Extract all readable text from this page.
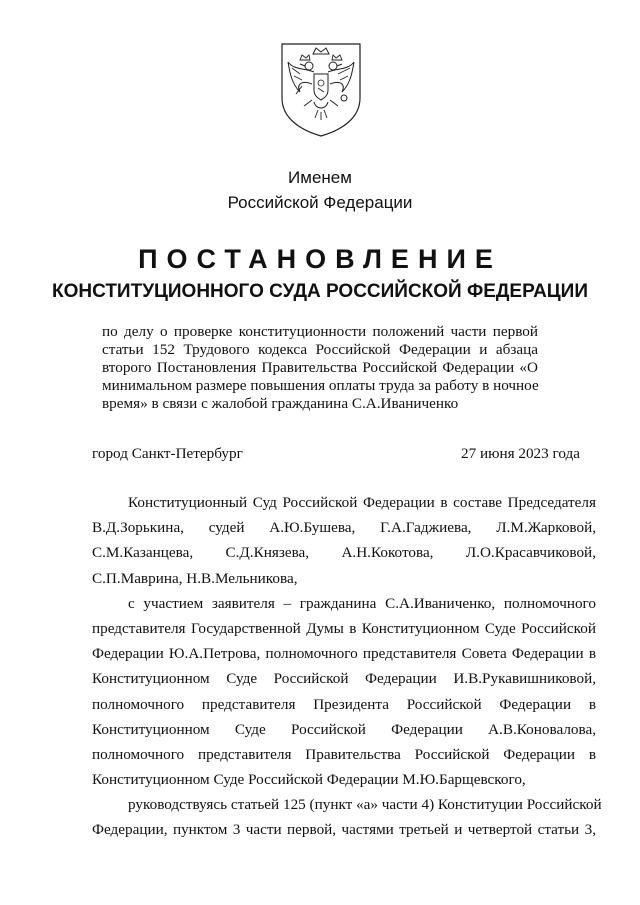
Именем
Российской Федерации
ПОСТАНОВЛЕНИЕ
КОНСТИТУЦИОННОГО СУДА РОССИЙСКОЙ ФЕДЕРАЦИИ
по делу о проверке конституционности положений части первой
статьи 152 Трудового кодекса Российской Федерации и абзаца
второго Постановления Правительства Российской Федерации «О
минимальном размере повышения оплаты труда за работу в ночное
время» в связи с жалобой гражданина С.А.Иваниченко
город Санкт-Петербург	27 июня 2023 года
Конституционный Суд Российской Федерации в составе Председателя
В.Д.Зорькина, судей А.Ю.Бушева, Г.А.Гаджиева, Л.М.Жарковой,
С.М.Казанцева, С.Д.Князева, А.Н.Кокотова, Л.О.Красавчиковой,
С.П.Маврина, Н.В.Мельникова,
с участием заявителя – гражданина С.А.Иваниченко, полномочного
представителя Государственной Думы в Конституционном Суде Российской
Федерации Ю.А.Петрова, полномочного представителя Совета Федерации в
Конституционном Суде Российской Федерации И.В.Рукавишниковой,
полномочного представителя Президента Российской Федерации в
Конституционном Суде Российской Федерации А.В.Коновалова,
полномочного представителя Правительства Российской Федерации в
Конституционном Суде Российской Федерации М.Ю.Барщевского,
руководствуясь статьей 125 (пункт «а» части 4) Конституции Российской
Федерации, пунктом 3 части первой, частями третьей и четвертой статьи 3,
